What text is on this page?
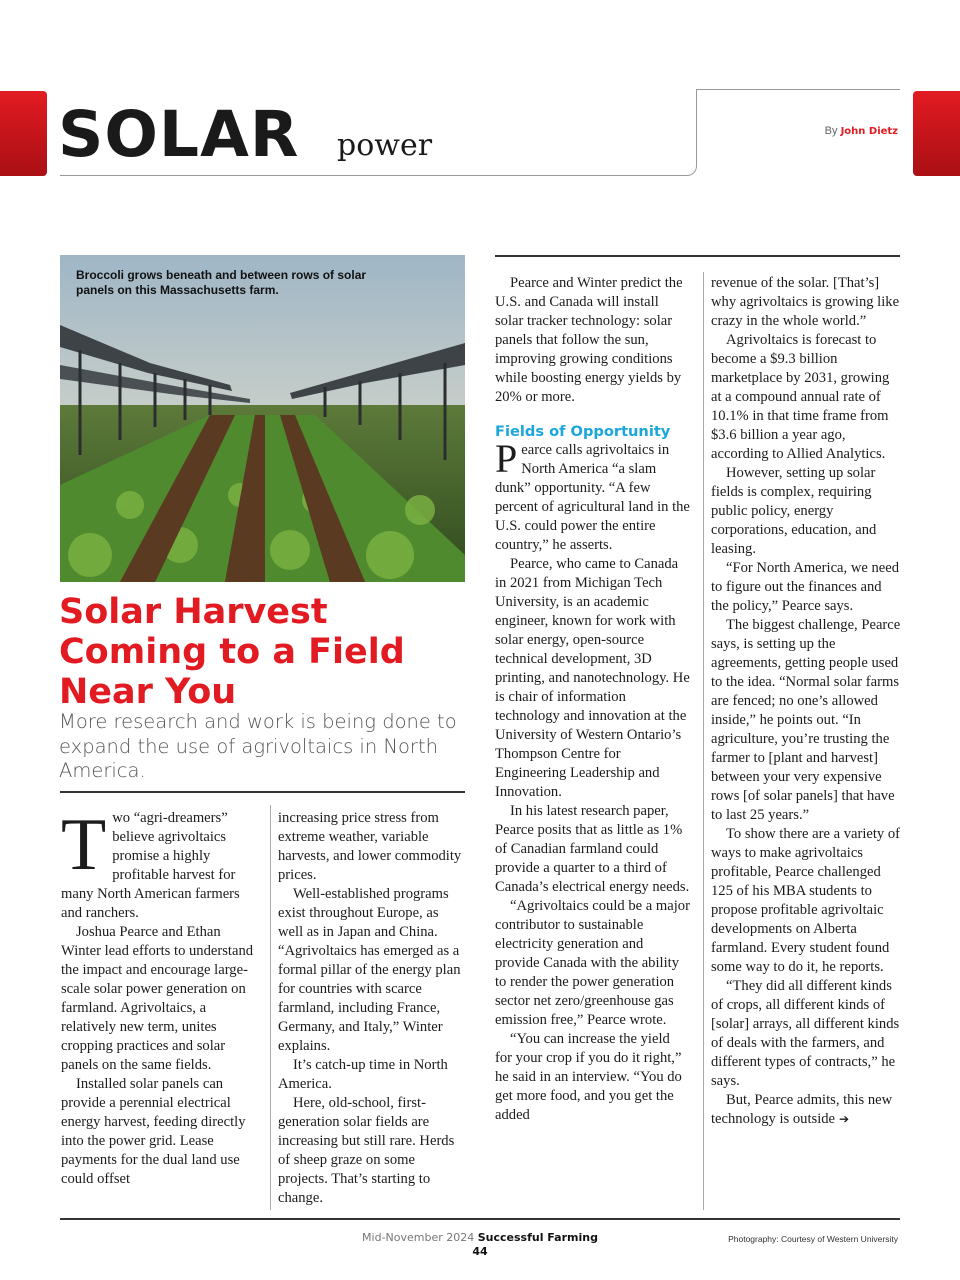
SOLAR power	By John Dietz
Broccoli grows beneath and between rows of solar panels on this Massachusetts farm.
Solar Harvest Coming to a Field Near You
More research and work is being done to expand the use of agrivoltaics in North America.

Two “agri-dreamers” believe agrivoltaics promise a highly profitable harvest for many North American farmers and ranchers.

Joshua Pearce and Ethan Winter lead efforts to understand the impact and encourage large-scale solar power generation on farmland. Agrivoltaics, a relatively new term, unites cropping practices and solar panels on the same fields.

Installed solar panels can provide a perennial electrical energy harvest, feeding directly into the power grid. Lease payments for the dual land use could offset

increasing price stress from extreme weather, variable harvests, and lower commodity prices.

Well-established programs exist throughout Europe, as well as in Japan and China. “Agrivoltaics has emerged as a formal pillar of the energy plan for countries with scarce farmland, including France, Germany, and Italy,” Winter explains.

It’s catch-up time in North America.

Here, old-school, first-generation solar fields are increasing but still rare. Herds of sheep graze on some projects. That’s starting to change.

Pearce and Winter predict the U.S. and Canada will install solar tracker technology: solar panels that follow the sun, improving growing conditions while boosting energy yields by 20% or more.

Fields of Opportunity

Pearce calls agrivoltaics in North America “a slam dunk” opportunity. “A few percent of agricultural land in the U.S. could power the entire country,” he asserts.

Pearce, who came to Canada in 2021 from Michigan Tech University, is an academic engineer, known for work with solar energy, open-source technical development, 3D printing, and nanotechnology. He is chair of information technology and innovation at the University of Western Ontario’s Thompson Centre for Engineering Leadership and Innovation.

In his latest research paper, Pearce posits that as little as 1% of Canadian farmland could provide a quarter to a third of Canada’s electrical energy needs.

“Agrivoltaics could be a major contributor to sustainable electricity generation and provide Canada with the ability to render the power generation sector net zero/greenhouse gas emission free,” Pearce wrote.

“You can increase the yield for your crop if you do it right,” he said in an interview. “You do get more food, and you get the added

revenue of the solar. [That’s] why agrivoltaics is growing like crazy in the whole world.”

Agrivoltaics is forecast to become a $9.3 billion marketplace by 2031, growing at a compound annual rate of 10.1% in that time frame from $3.6 billion a year ago, according to Allied Analytics.

However, setting up solar fields is complex, requiring public policy, energy corporations, education, and leasing.

“For North America, we need to figure out the finances and the policy,” Pearce says.

The biggest challenge, Pearce says, is setting up the agreements, getting people used to the idea. “Normal solar farms are fenced; no one’s allowed inside,” he points out. “In agriculture, you’re trusting the farmer to [plant and harvest] between your very expensive rows [of solar panels] that have to last 25 years.”

To show there are a variety of ways to make agrivoltaics profitable, Pearce challenged 125 of his MBA students to propose profitable agrivoltaic developments on Alberta farmland. Every student found some way to do it, he reports.

“They did all different kinds of crops, all different kinds of [solar] arrays, all different kinds of deals with the farmers, and different types of contracts,” he says.

But, Pearce admits, this new technology is outside ➔

Mid-November 2024 Successful Farming
44
Photography: Courtesy of Western University
